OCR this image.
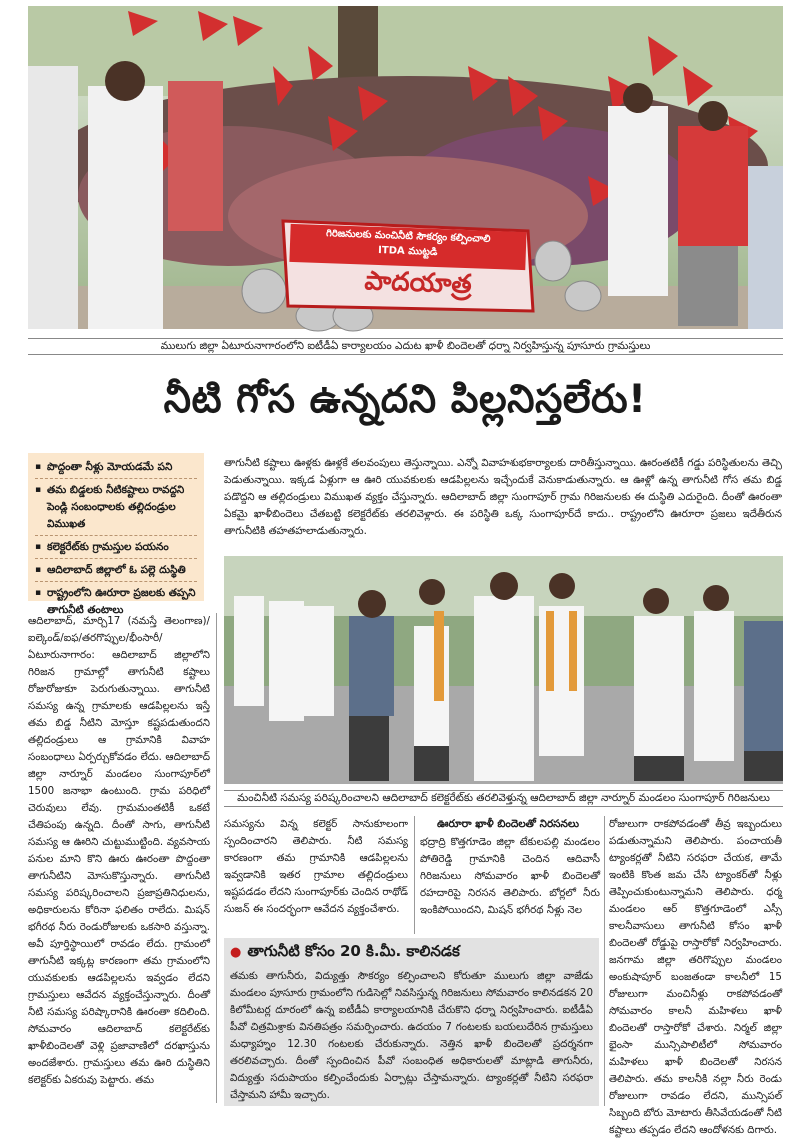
గిరిజనులకు మంచినీటి సౌకర్యం కల్పించాలి
ITDA ముట్టడి
పాదయాత్ర
ములుగు జిల్లా ఏటూరునాగారంలోని ఐటీడీఏ కార్యాలయం ఎదుట ఖాళీ బిందెలతో ధర్నా నిర్వహిస్తున్న పూసూరు గ్రామస్తులు
నీటి గోస ఉన్నదని పిల్లనిస్తలేరు!
▪ పొద్దంతా నీళ్లు మోయడమే పని
▪ తమ బిడ్డలకు నీటికష్టాలు రావద్దని పెండ్లి సంబంధాలకు తల్లిదండ్రుల విముఖత
▪ కలెక్టరేట్‌కు గ్రామస్తుల పయనం
▪ ఆదిలాబాద్ జిల్లాలో ఓ పల్లె దుస్థితి
▪ రాష్ట్రంలోని ఊరూరా ప్రజలకు తప్పని తాగునీటి తంటాలు
తాగునీటి కష్టాలు ఊళ్లకు ఊళ్లకే తలవంపులు తెస్తున్నాయి. ఎన్నో వివాహశుభకార్యాలకు దారితీస్తున్నాయి. ఊరంతటికీ గడ్డు పరిస్థితులను తెచ్చి పెడుతున్నాయి. ఇక్కడ ఏళ్లుగా ఆ ఊరి యువకులకు ఆడపిల్లలను ఇచ్చేందుకే వెనుకాడుతున్నారు. ఆ ఊళ్లో ఉన్న తాగునీటి గోస తమ బిడ్డ పడొద్దని ఆ తల్లిదండ్రులు విముఖత వ్యక్తం చేస్తున్నారు. ఆదిలాబాద్ జిల్లా సుంగాపూర్ గ్రామ గిరిజనులకు ఈ దుస్థితి ఎదురైంది. దీంతో ఊరంతా ఏకమై ఖాళీబిందెలు చేతబట్టి కలెక్టరేట్‌కు తరలివెళ్లారు. ఈ పరిస్థితి ఒక్క సుంగాపూర్‌దే కాదు.. రాష్ట్రంలోని ఊరూరా ప్రజలు ఇదేతీరున తాగునీటికి తహతహలాడుతున్నారు.
మంచినీటి సమస్య పరిష్కరించాలని ఆదిలాబాద్ కలెక్టరేట్‌కు తరలివెళ్తున్న ఆదిలాబాద్ జిల్లా నార్నూర్ మండలం సుంగాపూర్ గిరిజనులు
ఆదిలాబాద్, మార్చి17 (నమస్తే తెలంగాణ)/ఐల్కెండ్/ఐఫ/తరగొప్పుల/భీంసారీ/ఏటూరునాగారం: ఆదిలాబాద్ జిల్లాలోని గిరిజన గ్రామాల్లో తాగునీటి కష్టాలు రోజురోజుకూ పెరుగుతున్నాయి. తాగునీటి సమస్య ఉన్న గ్రామాలకు ఆడపిల్లలను ఇస్తే తమ బిడ్డ నీటిని మోస్తూ కష్టపడుతుందని తల్లిదండ్రులు ఆ గ్రామానికి వివాహ సంబంధాలు ఏర్పర్చుకోవడం లేదు. ఆదిలాబాద్ జిల్లా నార్నూర్ మండలం సుంగాపూర్‌లో 1500 జనాభా ఉంటుంది. గ్రామ పరిధిలో చెరువులు లేవు. గ్రామమంతటికీ ఒకటే చేతిపంపు ఉన్నది. దీంతో సాగు, తాగునీటి సమస్య ఆ ఊరిని చుట్టుముట్టింది. వ్యవసాయ పనుల మాని కొని ఊరు ఊరంతా పొద్దంతా తాగునీటిని మోసుకొస్తున్నారు. తాగునీటి సమస్య పరిష్కరించాలని ప్రజాప్రతినిధులను, అధికారులను కోరినా ఫలితం రాలేదు. మిషన్ భగీరథ నీరు రెండురోజులకు ఒకసారి వస్తున్నా. అవీ పూర్తిస్థాయిలో రావడం లేదు. గ్రామంలో తాగునీటి ఇక్కట్ల కారణంగా తమ గ్రామంలోని యువకులకు ఆడపిల్లలను ఇవ్వడం లేదని గ్రామస్తులు ఆవేదన వ్యక్తంచేస్తున్నారు. దీంతో నీటి సమస్య పరిష్కారానికి ఊరంతా కదిలింది. సోమవారం ఆదిలాబాద్ కలెక్టరేట్‌కు ఖాళీబిందెలతో వెళ్లి ప్రజావాణిలో దరఖాస్తును అందజేశారు. గ్రామస్తులు తమ ఊరి దుస్థితిని కలెక్టర్‌కు ఏకరువు పెట్టారు. తమ
సమస్యను విన్న కలెక్టర్ సానుకూలంగా స్పందించారని తెలిపారు. నీటి సమస్య కారణంగా తమ గ్రామానికి ఆడపిల్లలను ఇవ్వడానికి ఇతర గ్రామాల తల్లిదండ్రులు ఇష్టపడడం లేదని సుంగాపూర్‌కు చెందిన రాథోడ్ సుజన్ ఈ సందర్భంగా ఆవేదన వ్యక్తంచేశారు.
ఊరూరా ఖాళీ బిందెలతో నిరసనలు
భద్రాద్రి కొత్తగూడెం జిల్లా టేకులపల్లి మండలం పోతిరెడ్డి గ్రామానికి చెందిన ఆదివాసీ గిరిజనులు సోమవారం ఖాళీ బిందెలతో రహదారిపై నిరసన తెలిపారు. బోర్లలో నీరు ఇంకిపోయిందని, మిషన్ భగీరథ నీళ్లు నెల
రోజులుగా రాకపోవడంతో తీవ్ర ఇబ్బందులు పడుతున్నామని తెలిపారు. పంచాయతీ ట్యాంకర్లతో నీటిని సరఫరా చేయక, తామే ఇంటికి కొంత జమ చేసి ట్యాంకర్‌తో నీళ్లు తెప్పించుకుంటున్నామని తెలిపారు. ధర్మ మండలం ఆర్ కొత్తగూడెంలో ఎస్సీ కాలనీవాసులు తాగునీటి కోసం ఖాళీ బిందెలతో రోడ్డుపై రాస్తారోకో నిర్వహించారు. జనగామ జిల్లా తరిగొప్పుల మండలం అంకుషాపూర్ బంజతండా కాలనీలో 15 రోజులుగా మంచినీళ్లు రాకపోవడంతో సోమవారం కాలనీ మహిళలు ఖాళీ బిందెలతో రాస్తారోకో చేశారు. నిర్మల్ జిల్లా భైంసా మున్సిపాలిటీలో సోమవారం మహిళలు ఖాళీ బిందెలతో నిరసన తెలిపారు. తమ కాలనీకి నల్లా నీరు రెండు రోజులుగా రావడం లేదని, మున్సిపల్ సిబ్బంది బోరు మోటారు తీసివేయడంతో నీటి కష్టాలు తప్పడం లేదని ఆందోళనకు దిగారు.
● తాగునీటి కోసం 20 కి.మీ. కాలినడక
తమకు తాగునీరు, విద్యుత్తు సౌకర్యం కల్పించాలని కోరుతూ ములుగు జిల్లా వాజేడు మండలం పూసూరు గ్రామంలోని గుడిసెల్లో నివసిస్తున్న గిరిజనులు సోమవారం కాలినడకన 20 కిలోమీటర్ల దూరంలో ఉన్న ఐటీడీఏ కార్యాలయానికి చేరుకొని ధర్నా నిర్వహించారు. ఐటీడీఏ పీవో చిత్రమిశ్రాకు వినతిపత్రం సమర్పించారు. ఉదయం 7 గంటలకు బయలుదేరిన గ్రామస్తులు మధ్యాహ్నం 12.30 గంటలకు చేరుకున్నారు. నెత్తిన ఖాళీ బిందెలతో ప్రదర్శనగా తరలివచ్చారు. దీంతో స్పందించిన పీవో సంబంధిత అధికారులతో మాట్లాడి తాగునీరు, విద్యుత్తు సదుపాయం కల్పించేందుకు ఏర్పాట్లు చేస్తామన్నారు. ట్యాంకర్లతో నీటిని సరఫరా చేస్తామని హామీ ఇచ్చారు.
